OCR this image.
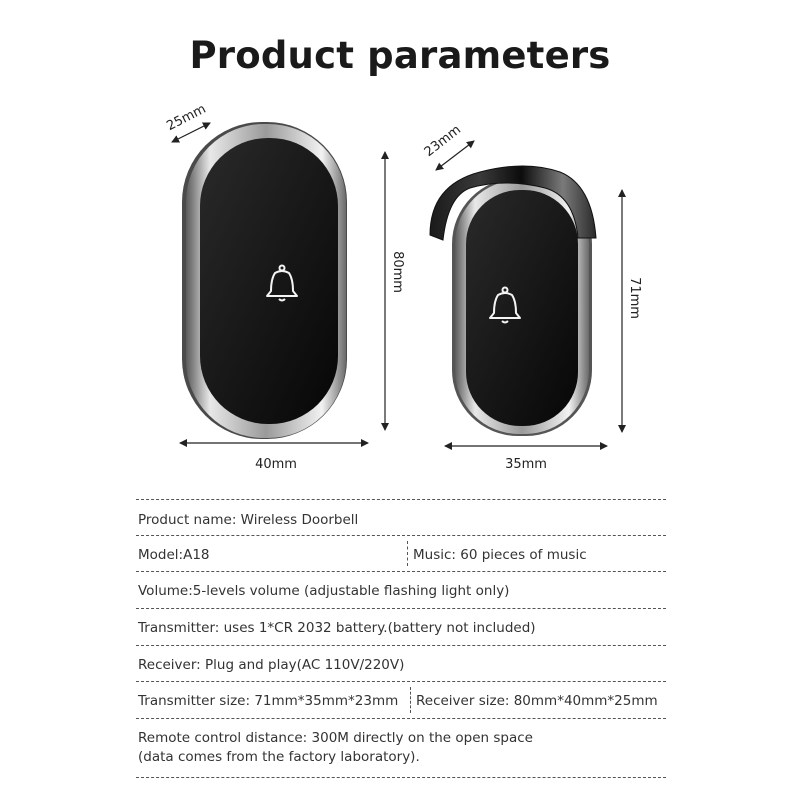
Product parameters
40mm
80mm
25mm
35mm
71mm
23mm
Product name: Wireless Doorbell
Model:A18	Music: 60 pieces of music
Volume:5-levels volume (adjustable flashing light only)
Transmitter: uses 1*CR 2032 battery.(battery not included)
Receiver: Plug and play(AC 110V/220V)
Transmitter size: 71mm*35mm*23mm Receiver size: 80mm*40mm*25mm
Remote control distance: 300M directly on the open space
(data comes from the factory laboratory).
